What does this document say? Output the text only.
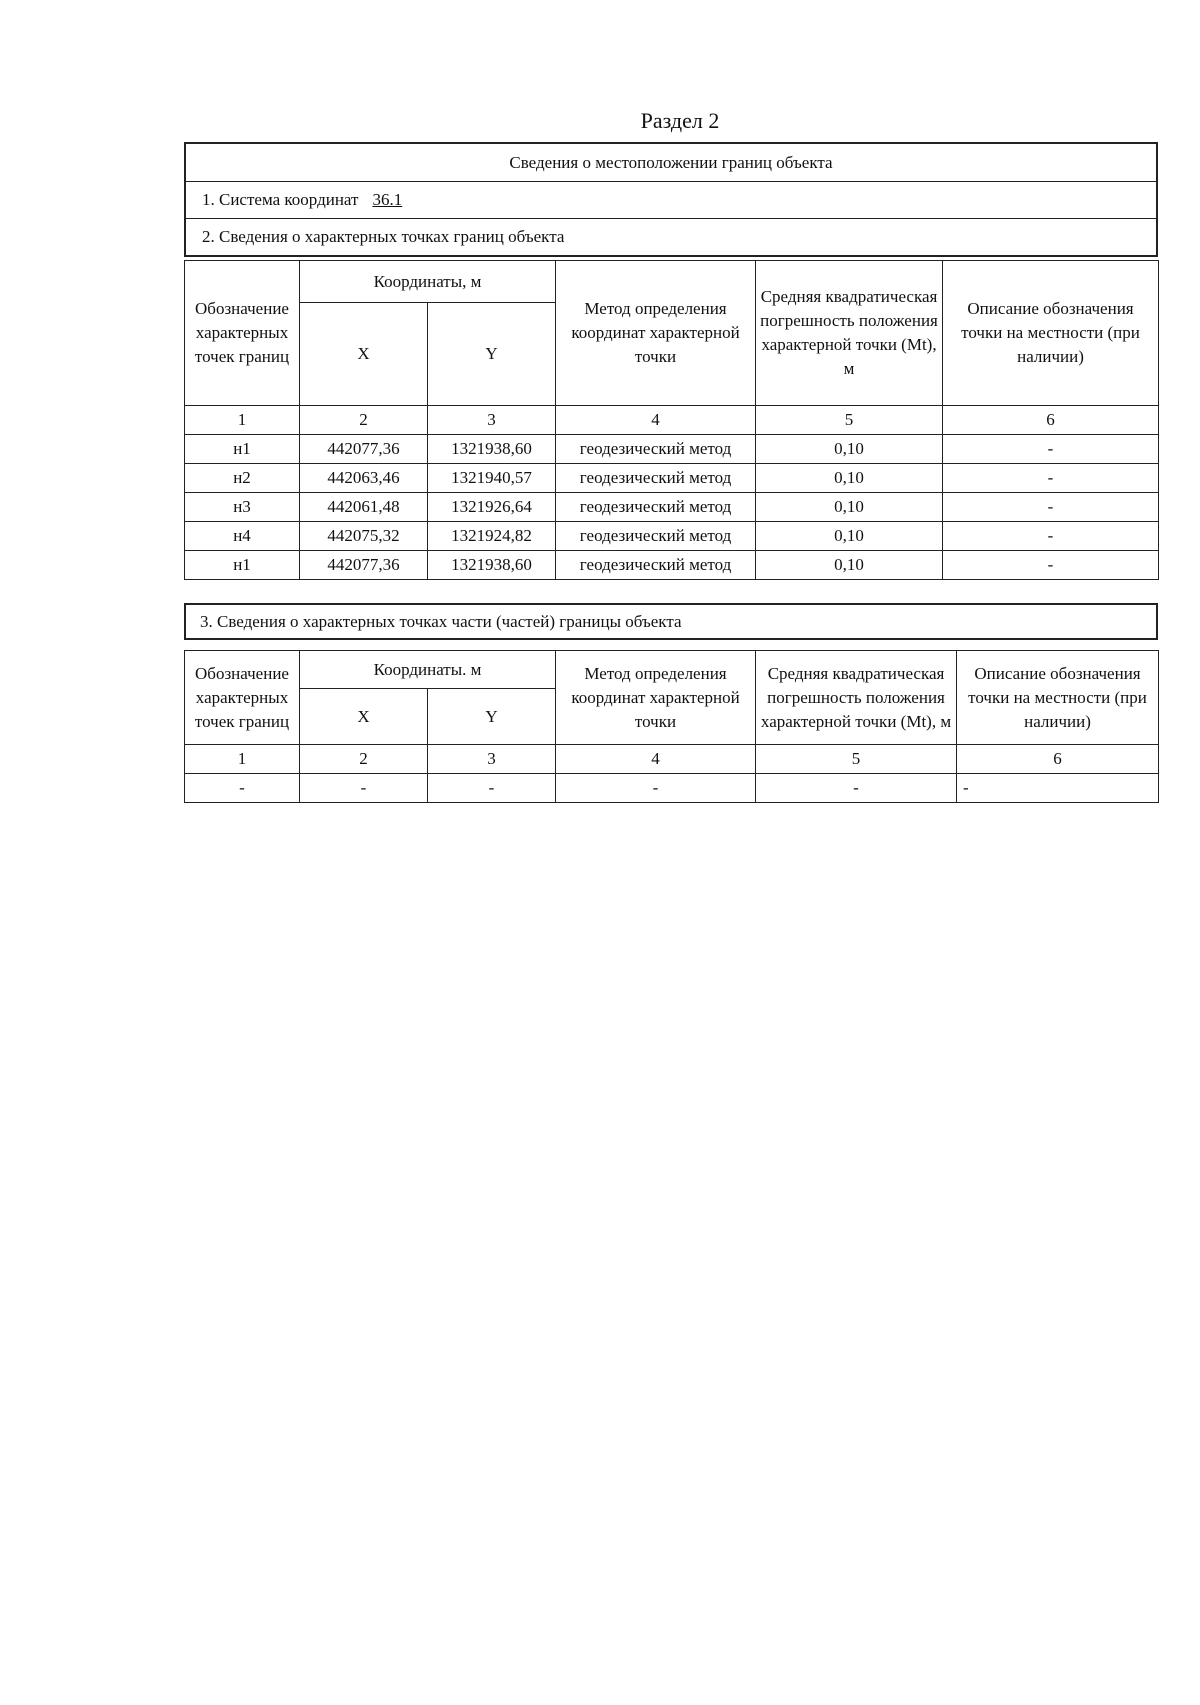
Раздел 2
Сведения о местоположении границ объекта
1. Система координат 36.1
2. Сведения о характерных точках границ объекта
Обозначение характерных точек границ	Координаты, м		Метод определения координат характерной точки	Средняя квадратическая погрешность положения характерной точки (Mt), м	Описание обозначения точки на местности (при наличии)
	X	Y			
1	2	3	4	5	6
н1	442077,36	1321938,60	геодезический метод	0,10	-
н2	442063,46	1321940,57	геодезический метод	0,10	-
н3	442061,48	1321926,64	геодезический метод	0,10	-
н4	442075,32	1321924,82	геодезический метод	0,10	-
н1	442077,36	1321938,60	геодезический метод	0,10	-
3. Сведения о характерных точках части (частей) границы объекта
Обозначение характерных точек границ	Координаты. м		Метод определения координат характерной точки	Средняя квадратическая погрешность положения характерной точки (Mt), м	Описание обозначения точки на местности (при наличии)
	X	Y			
1	2	3	4	5	6
-	-	-	-	-	-
